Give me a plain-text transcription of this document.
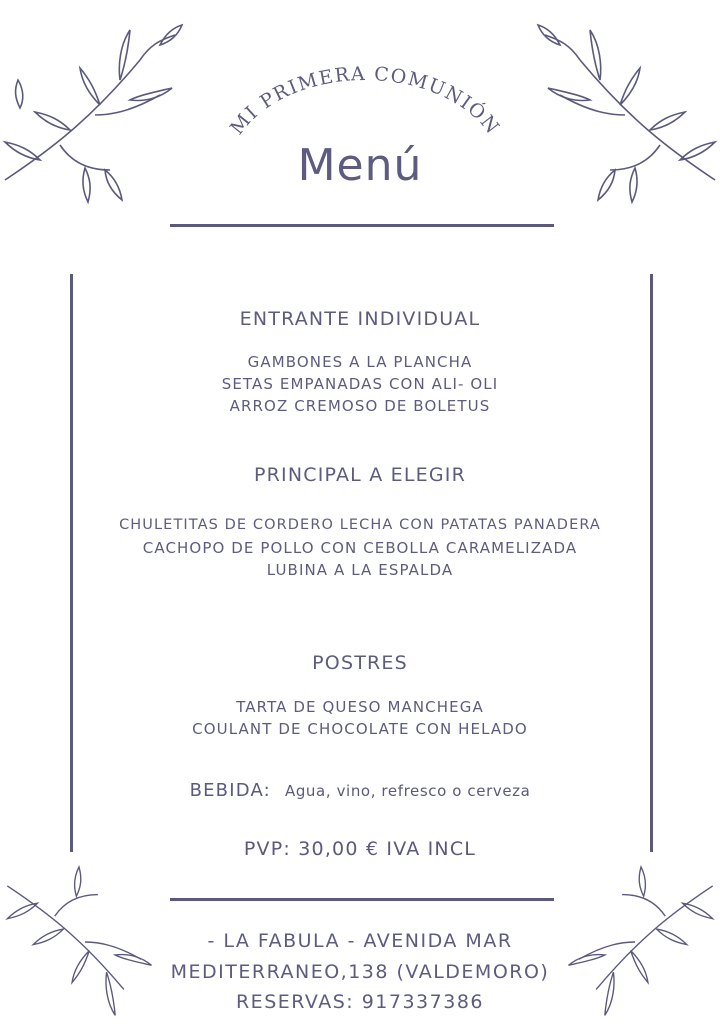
MI PRIMERA COMUNIÓN
Menú
ENTRANTE INDIVIDUAL
GAMBONES A LA PLANCHA
SETAS EMPANADAS CON ALI- OLI
ARROZ CREMOSO DE BOLETUS
PRINCIPAL A ELEGIR
CHULETITAS DE CORDERO LECHA CON PATATAS PANADERA
CACHOPO DE POLLO CON CEBOLLA CARAMELIZADA
LUBINA A LA ESPALDA
POSTRES
TARTA DE QUESO MANCHEGA
COULANT DE CHOCOLATE CON HELADO
BEBIDA: Agua, vino, refresco o cerveza
PVP: 30,00 € IVA INCL
- LA FABULA - AVENIDA MAR
MEDITERRANEO,138 (VALDEMORO)
RESERVAS: 917337386
